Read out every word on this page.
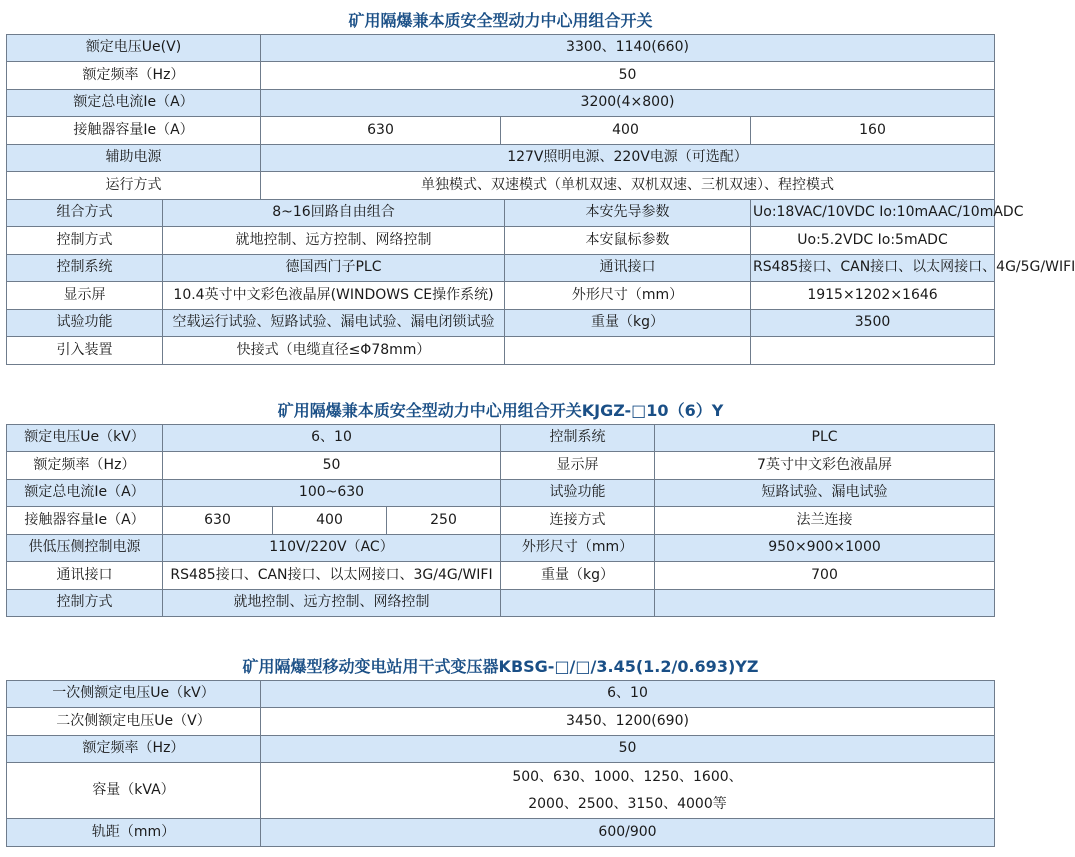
矿用隔爆兼本质安全型动力中心用组合开关					
额定电压Ue(V)		3300、1140(660)			
额定频率（Hz）		50			
额定总电流Ie（A）		3200(4×800)			
接触器容量Ie（A）		630	400		160
辅助电源		127V照明电源、220V电源（可选配）			
运行方式		单独模式、双速模式（单机双速、双机双速、三机双速）、程控模式			
组合方式	8~16回路自由组合			本安先导参数	Uo:18VAC/10VDC Io:10mAAC/10mADC
控制方式	就地控制、远方控制、网络控制			本安鼠标参数	Uo:5.2VDC Io:5mADC
控制系统	德国西门子PLC			通讯接口	RS485接口、CAN接口、以太网接口、4G/5G/WIFI
显示屏	10.4英寸中文彩色液晶屏(WINDOWS CE操作系统)			外形尺寸（mm）	1915×1202×1646
试验功能	空载运行试验、短路试验、漏电试验、漏电闭锁试验			重量（kg）	3500
引入装置	快接式（电缆直径≤Φ78mm）				
矿用隔爆兼本质安全型动力中心用组合开关KJGZ-□10（6）Y					
额定电压Ue（kV）	6、10			控制系统	PLC
额定频率（Hz）	50			显示屏	7英寸中文彩色液晶屏
额定总电流Ie（A）	100~630			试验功能	短路试验、漏电试验
接触器容量Ie（A）	630	400	250	连接方式	法兰连接
供低压侧控制电源	110V/220V（AC）			外形尺寸（mm）	950×900×1000
通讯接口	RS485接口、CAN接口、以太网接口、3G/4G/WIFI			重量（kg）	700
控制方式	就地控制、远方控制、网络控制				
矿用隔爆型移动变电站用干式变压器KBSG-□/□/3.45(1.2/0.693)YZ	
一次侧额定电压Ue（kV）	6、10
二次侧额定电压Ue（V）	3450、1200(690)
额定频率（Hz）	50
容量（kVA）	500、630、1000、1250、1600、
2000、2500、3150、4000等

轨距（mm）	600/900
